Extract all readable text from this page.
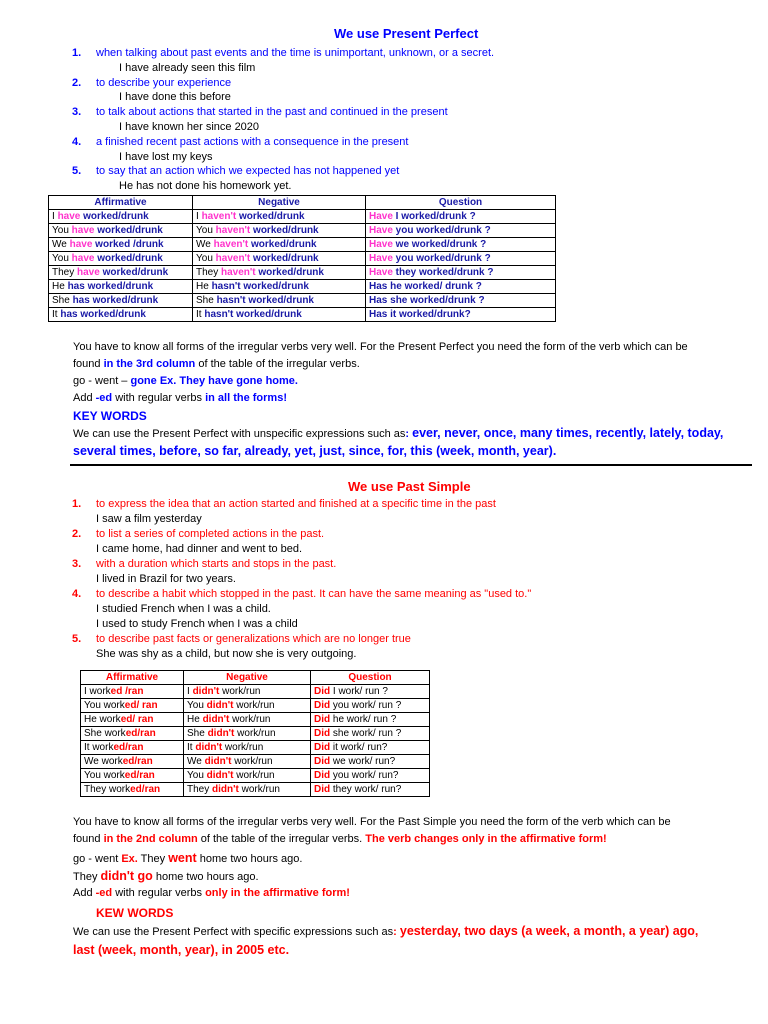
We use Present Perfect
1. when talking about past events and the time is unimportant, unknown, or a secret.
I have already seen this film
2. to describe your experience
I have done this before
3. to talk about actions that started in the past and continued in the present
I have known her since 2020
4. a finished recent past actions with a consequence in the present
I have lost my keys
5. to say that an action which we expected has not happened yet
He has not done his homework yet.
Affirmative	Negative	Question
I have worked/drunk	I haven't worked/drunk	Have I worked/drunk ?
You have worked/drunk	You haven't worked/drunk	Have you worked/drunk ?
We have worked /drunk	We haven't worked/drunk	Have we worked/drunk ?
You have worked/drunk	You haven't worked/drunk	Have you worked/drunk ?
They have worked/drunk	They haven't worked/drunk	Have they worked/drunk ?
He has worked/drunk	He hasn't worked/drunk	Has he worked/ drunk ?
She has worked/drunk	She hasn't worked/drunk	Has she worked/drunk ?
It has worked/drunk	It hasn't worked/drunk	Has it worked/drunk?
You have to know all forms of the irregular verbs very well. For the Present Perfect you need the form of the verb which can be
found in the 3rd column of the table of the irregular verbs.
go - went – gone Ex. They have gone home.
Add -ed with regular verbs in all the forms!
KEY WORDS
We can use the Present Perfect with unspecific expressions such as: ever, never, once, many times, recently, lately, today,
several times, before, so far, already, yet, just, since, for, this (week, month, year).
We use Past Simple
1. to express the idea that an action started and finished at a specific time in the past
I saw a film yesterday
2. to list a series of completed actions in the past.
I came home, had dinner and went to bed.
3. with a duration which starts and stops in the past.
I lived in Brazil for two years.
4. to describe a habit which stopped in the past. It can have the same meaning as "used to."
I studied French when I was a child.
I used to study French when I was a child
5. to describe past facts or generalizations which are no longer true
She was shy as a child, but now she is very outgoing.
Affirmative	Negative	Question
I worked /ran	I didn't work/run	Did I work/ run ?
You worked/ ran	You didn't work/run	Did you work/ run ?
He worked/ ran	He didn't work/run	Did he work/ run ?
She worked/ran	She didn't work/run	Did she work/ run ?
It worked/ran	It didn't work/run	Did it work/ run?
We worked/ran	We didn't work/run	Did we work/ run?
You worked/ran	You didn't work/run	Did you work/ run?
They worked/ran	They didn't work/run	Did they work/ run?
You have to know all forms of the irregular verbs very well. For the Past Simple you need the form of the verb which can be
found in the 2nd column of the table of the irregular verbs. The verb changes only in the affirmative form!
go - went Ex. They went home two hours ago.
They didn't go home two hours ago.
Add -ed with regular verbs only in the affirmative form!
KEW WORDS
We can use the Present Perfect with specific expressions such as: yesterday, two days (a week, a month, a year) ago,
last (week, month, year), in 2005 etc.
